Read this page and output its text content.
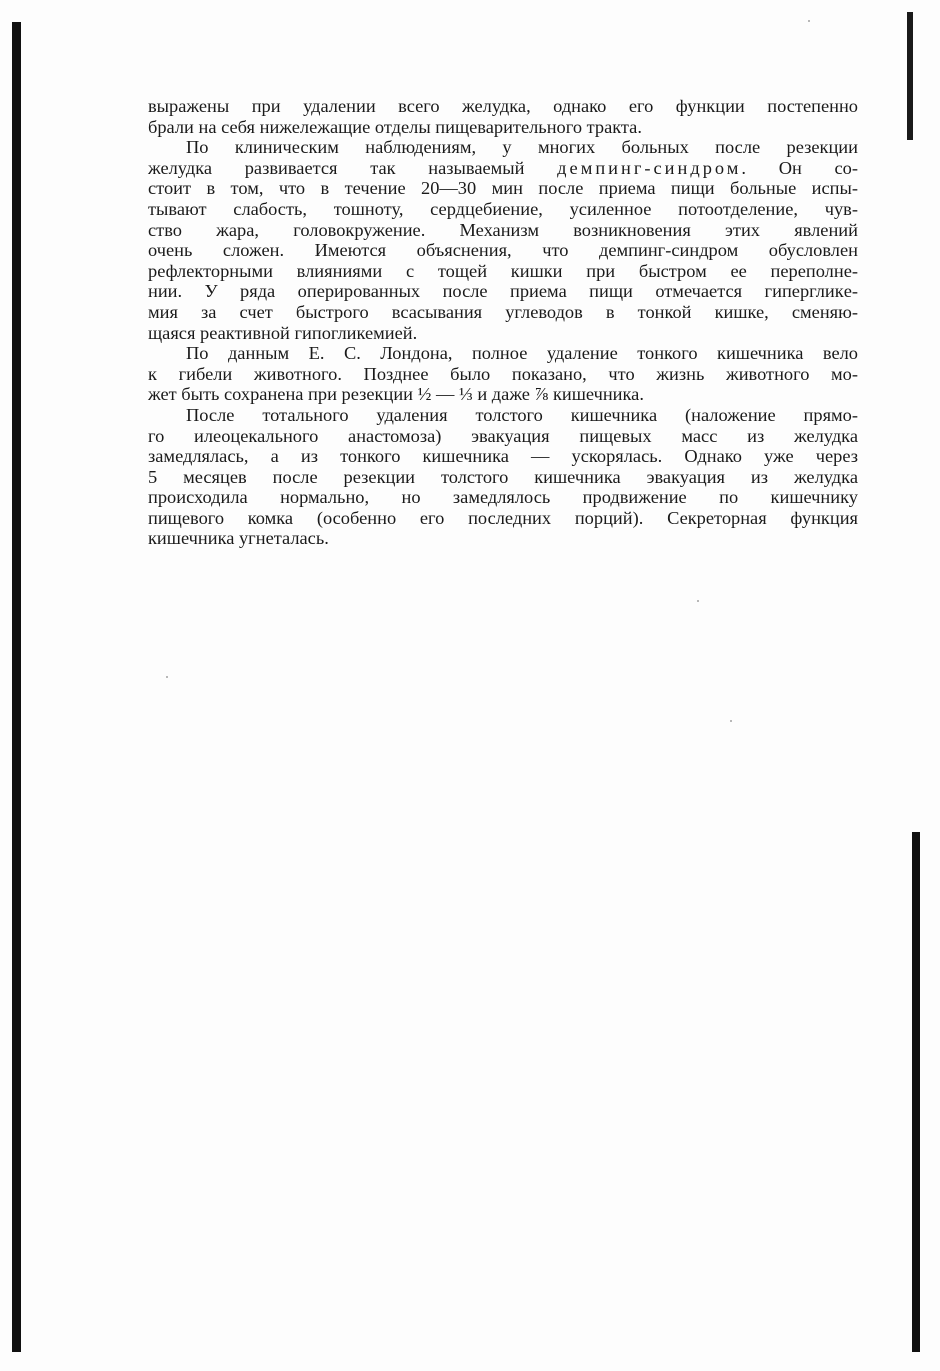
выражены при удалении всего желудка, однако его функции постепенно
брали на себя нижележащие отделы пищеварительного тракта.
По клиническим наблюдениям, у многих больных после резекции
желудка развивается так называемый демпинг-синдром. Он со-
стоит в том, что в течение 20—30 мин после приема пищи больные испы-
тывают слабость, тошноту, сердцебиение, усиленное потоотделение, чув-
ство жара, головокружение. Механизм возникновения этих явлений
очень сложен. Имеются объяснения, что демпинг-синдром обусловлен
рефлекторными влияниями с тощей кишки при быстром ее переполне-
нии. У ряда оперированных после приема пищи отмечается гипергликe-
мия за счет быстрого всасывания углеводов в тонкой кишке, сменяю-
щаяся реактивной гипогликемией.
По данным Е. С. Лондона, полное удаление тонкого кишечника вело
к гибели животного. Позднее было показано, что жизнь животного мо-
жет быть сохранена при резекции ½ — ⅓ и даже ⅞ кишечника.
После тотального удаления толстого кишечника (наложение прямо-
го илеоцекального анастомоза) эвакуация пищевых масс из желудка
замедлялась, а из тонкого кишечника — ускорялась. Однако уже через
5 месяцев после резекции толстого кишечника эвакуация из желудка
происходила нормально, но замедлялось продвижение по кишечнику
пищевого комка (особенно его последних порций). Секреторная функция
кишечника угнеталась.
